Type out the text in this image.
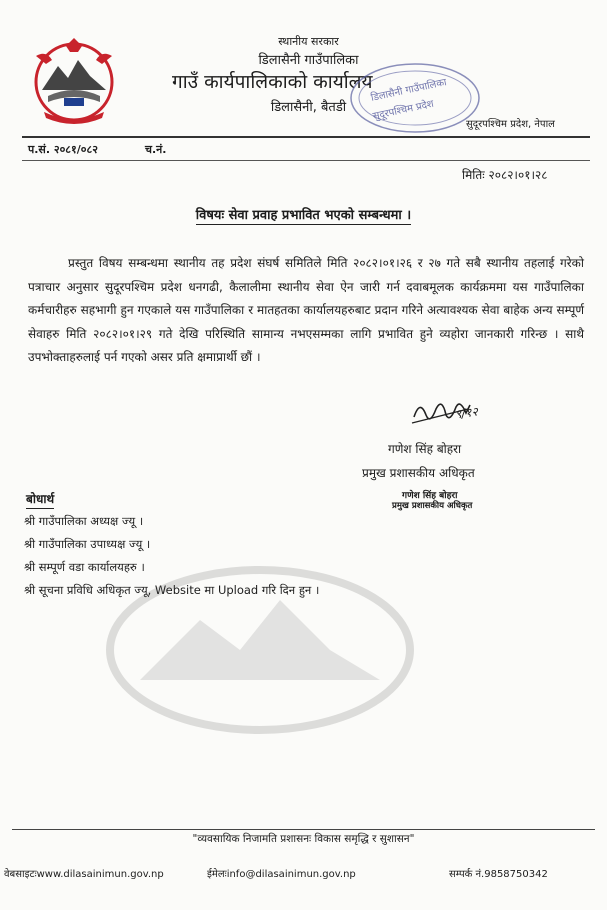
स्थानीय सरकार
डिलासैनी गाउँपालिका
गाउँ कार्यपालिकाको कार्यालय
डिलासैनी, बैतडी
सुदूरपश्चिम प्रदेश, नेपाल
डिलासैनी गाउँपालिका
सुदूरपश्चिम प्रदेश
प.सं. २०८१/०८२	च.नं.
मितिः २०८२।०१।२८
विषयः सेवा प्रवाह प्रभावित भएको सम्बन्धमा ।

प्रस्तुत विषय सम्बन्धमा स्थानीय तह प्रदेश संघर्ष समितिले मिति २०८२।०१।२६ र २७ गते सबै स्थानीय तहलाई गरेको पत्राचार अनुसार सुदूरपश्चिम प्रदेश धनगढी, कैलालीमा स्थानीय सेवा ऐन जारी गर्न दवाबमूलक कार्यक्रममा यस गाउँपालिका कर्मचारीहरु सहभागी हुन गएकाले यस गाउँपालिका र मातहतका कार्यालयहरुबाट प्रदान गरिने अत्यावश्यक सेवा बाहेक अन्य सम्पूर्ण सेवाहरु मिति २०८२।०१।२९ गते देखि परिस्थिति सामान्य नभएसम्मका लागि प्रभावित हुने व्यहोरा जानकारी गरिन्छ । साथै उपभोक्ताहरुलाई पर्न गएको असर प्रति क्षमाप्रार्थी छौं ।

९/१२
गणेश सिंह बोहरा
प्रमुख प्रशासकीय अधिकृत
गणेश सिंह बोहरा
प्रमुख प्रशासकीय अधिकृत
बोधार्थ
श्री गाउँपालिका अध्यक्ष ज्यू ।
श्री गाउँपालिका उपाध्यक्ष ज्यू ।
श्री सम्पूर्ण वडा कार्यालयहरु ।
श्री सूचना प्रविधि अधिकृत ज्यू, Website मा Upload गरि दिन हुन ।
"व्यवसायिक निजामति प्रशासनः विकास समृद्धि र सुशासन"
वेबसाइटःwww.dilasainimun.gov.np	ईमेलःinfo@dilasainimun.gov.np	सम्पर्क नं.9858750342
